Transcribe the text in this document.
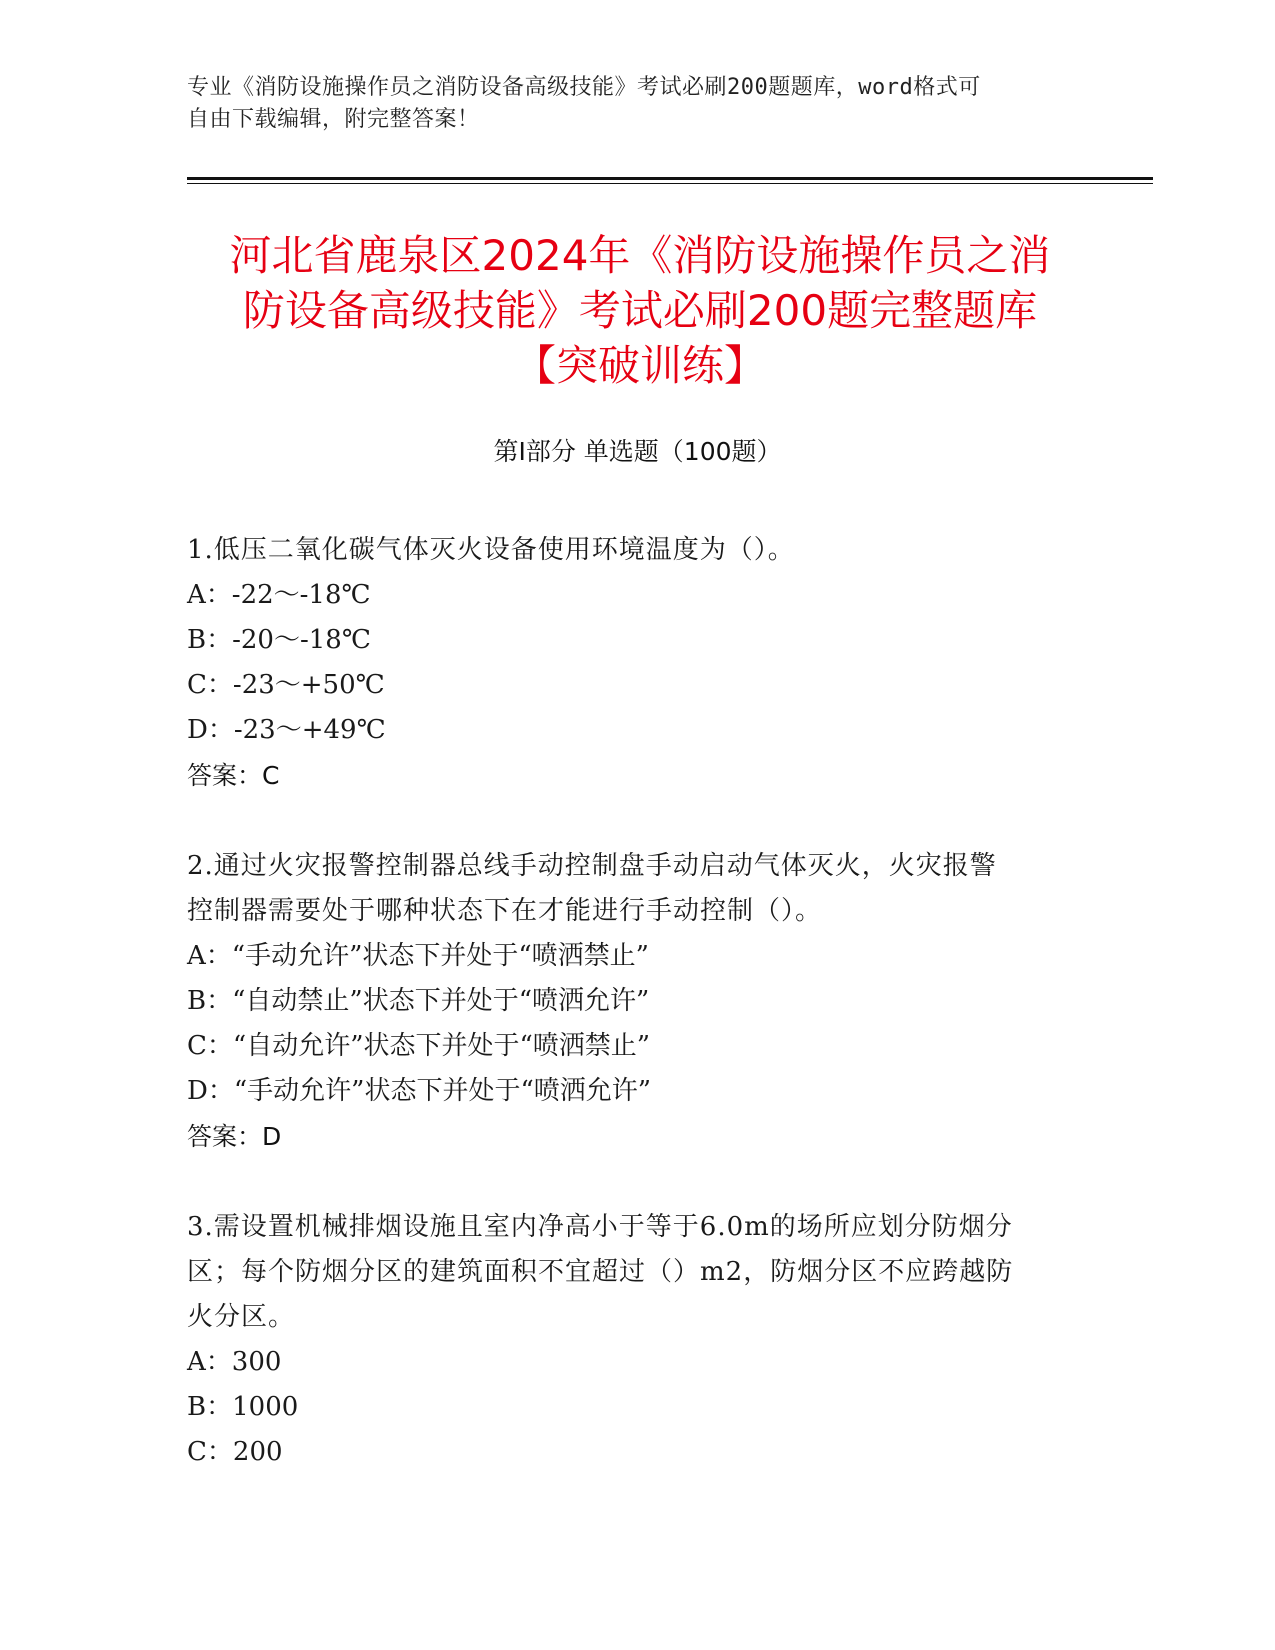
专业《消防设施操作员之消防设备高级技能》考试必刷200题题库，word格式可
自由下载编辑，附完整答案！
河北省鹿泉区2024年《消防设施操作员之消
防设备高级技能》考试必刷200题完整题库
【突破训练】
第Ⅰ部分 单选题（100题）
1.低压二氧化碳气体灭火设备使用环境温度为（）。
A：-22～-18℃
B：-20～-18℃
C：-23～+50℃
D：-23～+49℃
答案：C
2.通过火灾报警控制器总线手动控制盘手动启动气体灭火，火灾报警
控制器需要处于哪种状态下在才能进行手动控制（）。
A：“手动允许”状态下并处于“喷洒禁止”
B：“自动禁止”状态下并处于“喷洒允许”
C：“自动允许”状态下并处于“喷洒禁止”
D：“手动允许”状态下并处于“喷洒允许”
答案：D
3.需设置机械排烟设施且室内净高小于等于6.0m的场所应划分防烟分
区；每个防烟分区的建筑面积不宜超过（）m2，防烟分区不应跨越防
火分区。
A：300
B：1000
C：200
